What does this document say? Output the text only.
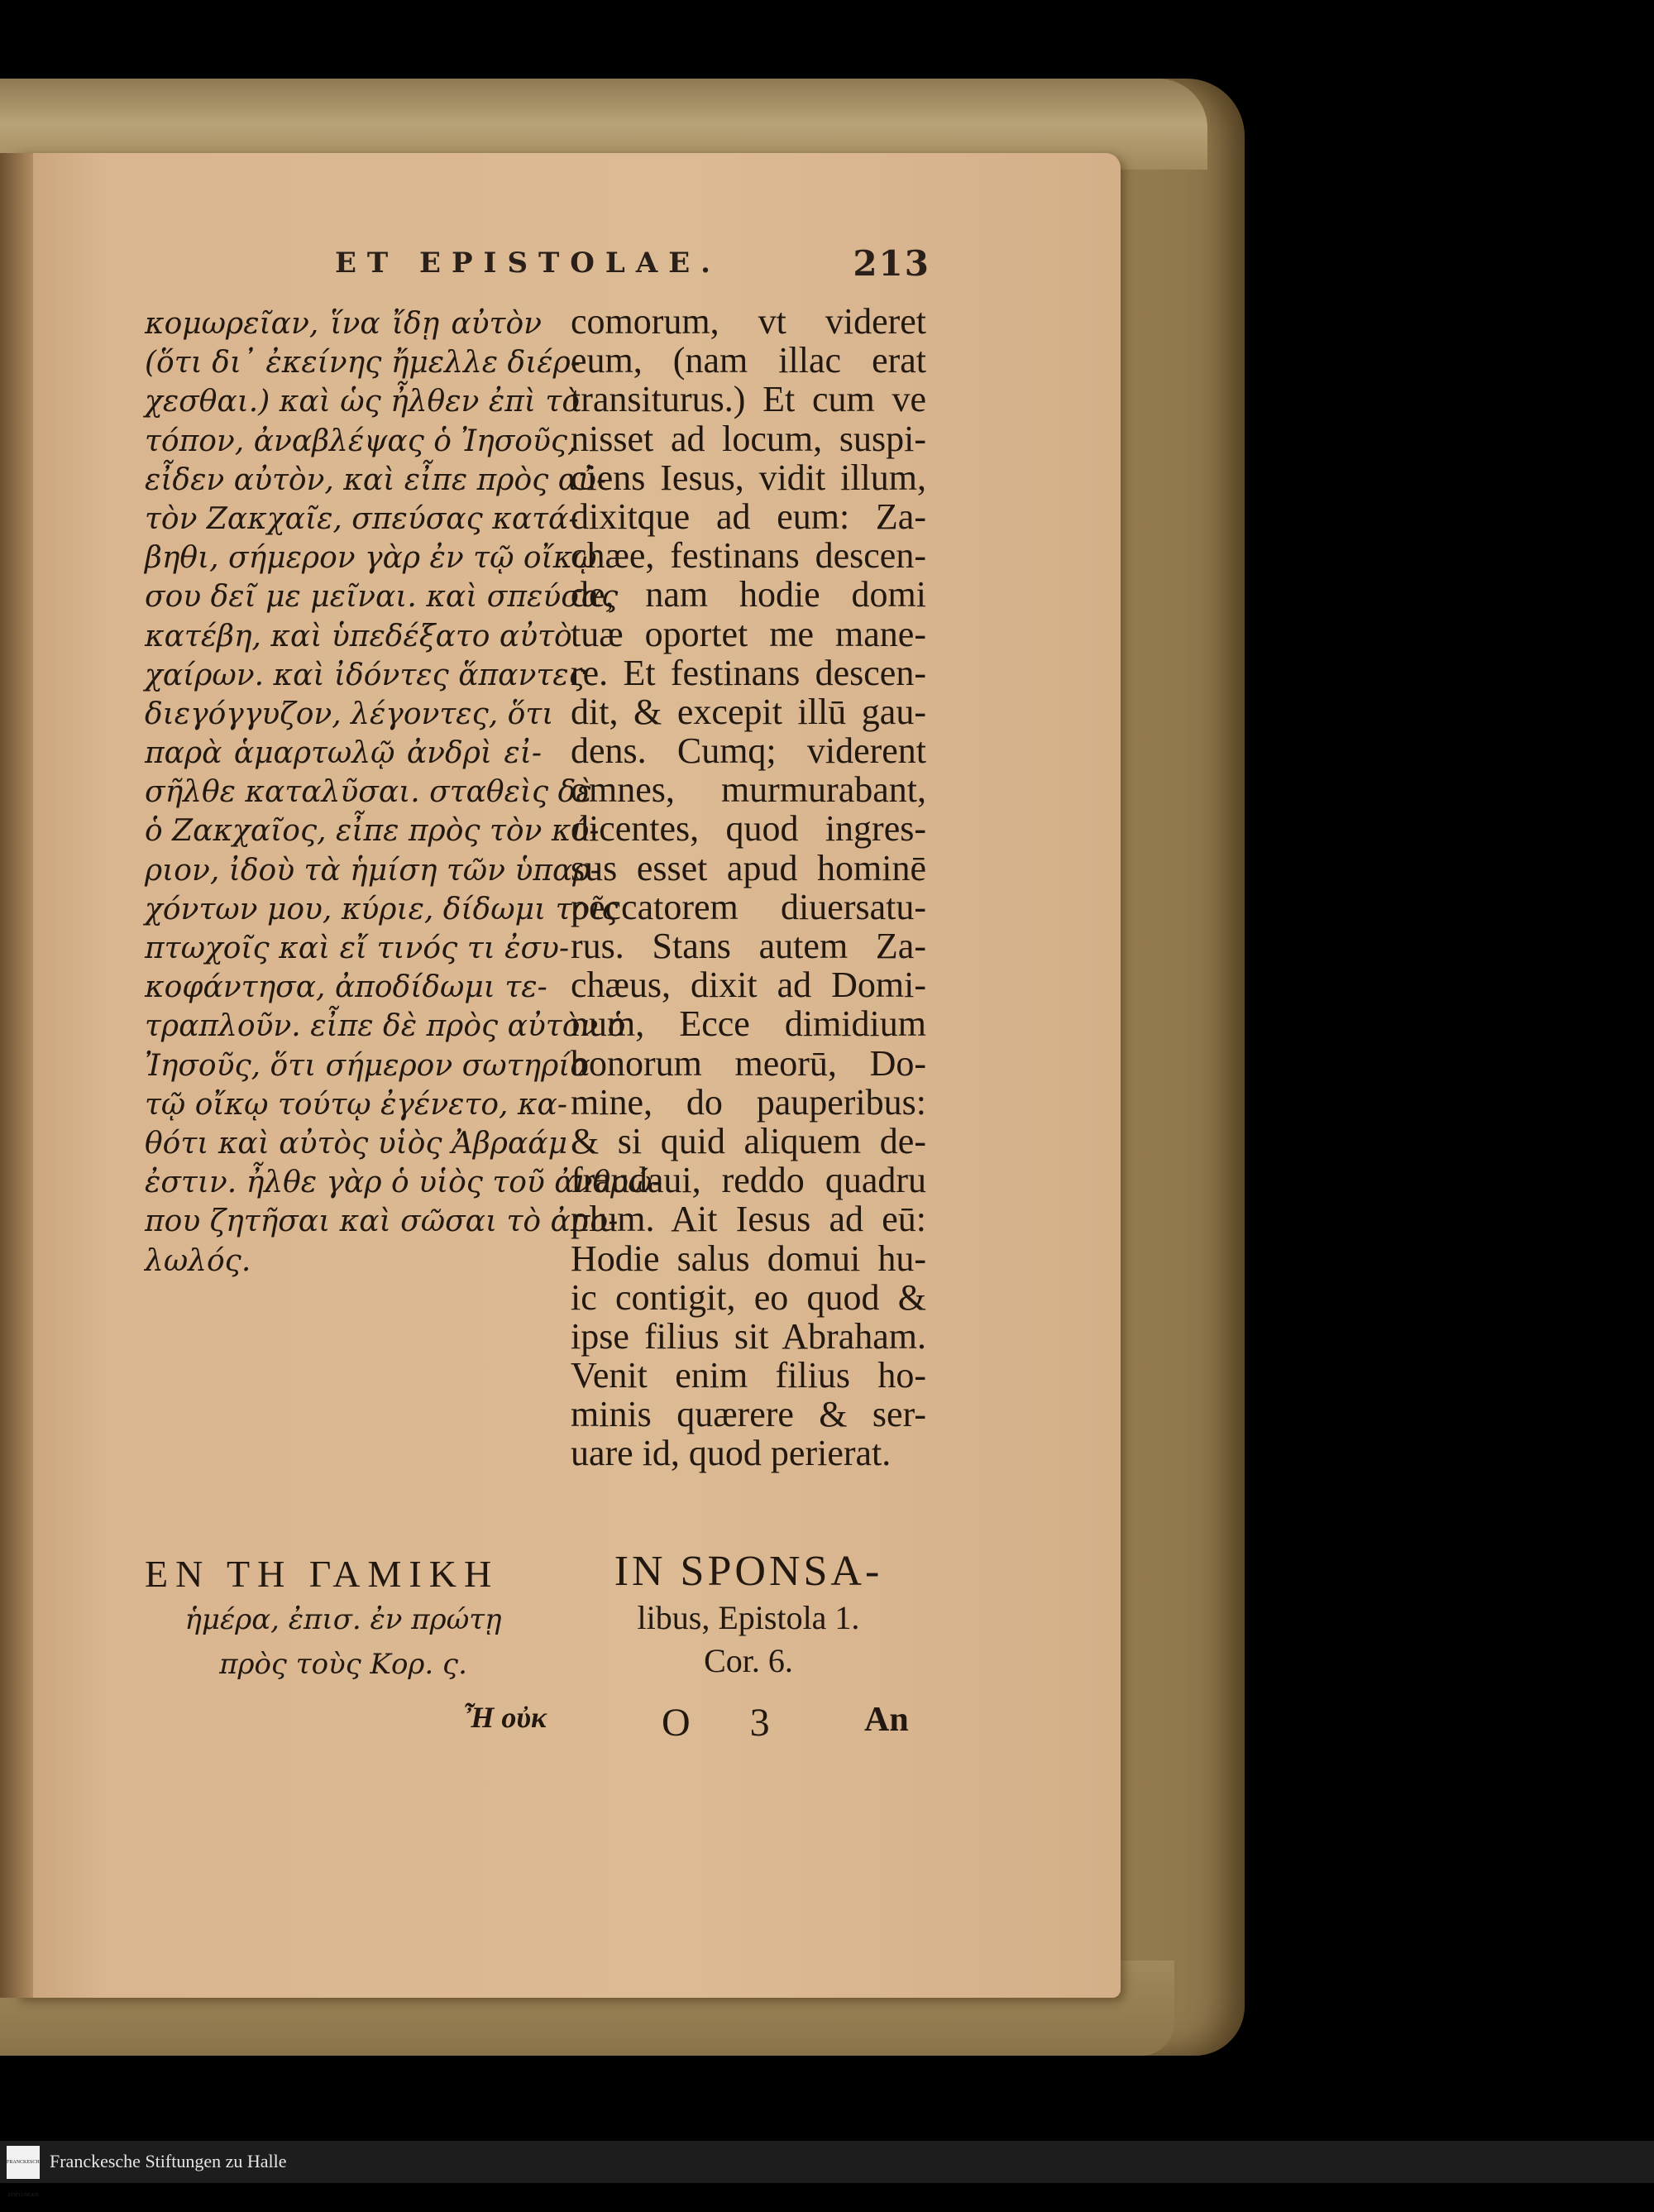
ET EPISTOLAE.	213
κομωρεῖαν, ἵνα ἴδῃ αὐτὸν
(ὅτι δι᾽ ἐκείνης ἤμελλε διέρ-
χεσθαι.) καὶ ὡς ἦλθεν ἐπὶ τὸ
τόπον, ἀναβλέψας ὁ Ἰησοῦς,
εἶδεν αὐτὸν, καὶ εἶπε πρὸς αὐ-
τὸν Ζακχαῖε, σπεύσας κατά-
βηθι, σήμερον γὰρ ἐν τῷ οἴκῳ
σου δεῖ με μεῖναι. καὶ σπεύσας
κατέβη, καὶ ὑπεδέξατο αὐτὸ
χαίρων. καὶ ἰδόντες ἅπαντες
διεγόγγυζον, λέγοντες, ὅτι
παρὰ ἁμαρτωλῷ ἀνδρὶ εἰ-
σῆλθε καταλῦσαι. σταθεὶς δὲ
ὁ Ζακχαῖος, εἶπε πρὸς τὸν κύ-
ριον, ἰδοὺ τὰ ἡμίση τῶν ὑπαρ-
χόντων μου, κύριε, δίδωμι τοῖς
πτωχοῖς καὶ εἴ τινός τι ἐσυ-
κοφάντησα, ἀποδίδωμι τε-
τραπλοῦν. εἶπε δὲ πρὸς αὐτὸν ὁ
Ἰησοῦς, ὅτι σήμερον σωτηρία
τῷ οἴκῳ τούτῳ ἐγένετο, κα-
θότι καὶ αὐτὸς υἱὸς Ἀβραάμ
ἐστιν. ἦλθε γὰρ ὁ υἱὸς τοῦ ἀνθρώ-
που ζητῆσαι καὶ σῶσαι τὸ ἀπο-
λωλός.
comorum, vt videret
eum, (nam illac erat
transiturus.) Et cum ve
nisset ad locum, suspi-
ciens Iesus, vidit illum,
dixitque ad eum: Za-
chæe, festinans descen-
de, nam hodie domi
tuæ oportet me mane-
re. Et festinans descen-
dit, & excepit illū gau-
dens. Cumq; viderent
omnes, murmurabant,
dicentes, quod ingres-
sus esset apud hominē
peccatorem diuersatu-
rus. Stans autem Za-
chæus, dixit ad Domi-
num, Ecce dimidium
bonorum meorū, Do-
mine, do pauperibus:
& si quid aliquem de-
fraudaui, reddo quadru
plum. Ait Iesus ad eū:
Hodie salus domui hu-
ic contigit, eo quod &
ipse filius sit Abraham.
Venit enim filius ho-
minis quærere & ser-
uare id, quod perierat.
ΕΝ ΤΗ ΓΑΜΙΚΗ
ἡμέρα, ἐπισ. ἐν πρώτῃ
πρὸς τοὺς Κορ. ς.
IN SPONSA-
libus, Epistola 1.
Cor. 6.
Ἦ οὐκ	O 3 An
FRANCKESCHE STIFTUNGEN
Franckesche Stiftungen zu Halle
